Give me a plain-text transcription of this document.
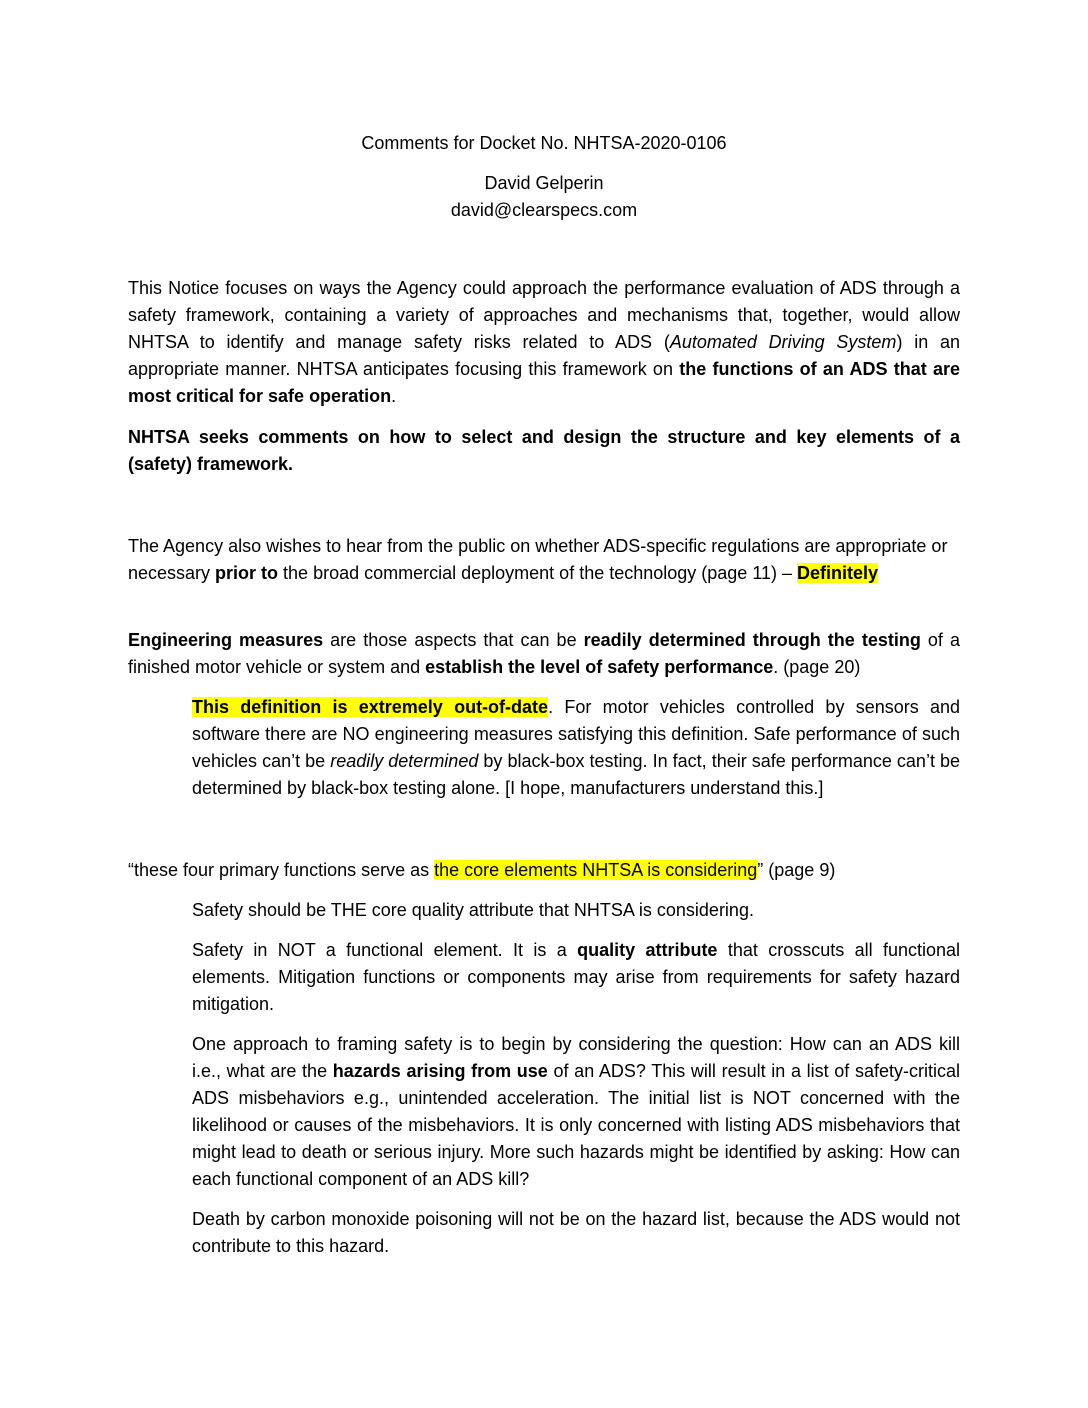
Comments for Docket No. NHTSA-2020-0106

David Gelperin

david@clearspecs.com

This Notice focuses on ways the Agency could approach the performance evaluation of ADS through a safety framework, containing a variety of approaches and mechanisms that, together, would allow NHTSA to identify and manage safety risks related to ADS (Automated Driving System) in an appropriate manner. NHTSA anticipates focusing this framework on the functions of an ADS that are most critical for safe operation.

NHTSA seeks comments on how to select and design the structure and key elements of a (safety) framework.

The Agency also wishes to hear from the public on whether ADS-specific regulations are appropriate or necessary prior to the broad commercial deployment of the technology (page 11) – Definitely

Engineering measures are those aspects that can be readily determined through the testing of a finished motor vehicle or system and establish the level of safety performance. (page 20)

This definition is extremely out-of-date. For motor vehicles controlled by sensors and software there are NO engineering measures satisfying this definition. Safe performance of such vehicles can’t be readily determined by black-box testing. In fact, their safe performance can’t be determined by black-box testing alone. [I hope, manufacturers understand this.]

“these four primary functions serve as the core elements NHTSA is considering” (page 9)

Safety should be THE core quality attribute that NHTSA is considering.

Safety in NOT a functional element. It is a quality attribute that crosscuts all functional elements. Mitigation functions or components may arise from requirements for safety hazard mitigation.

One approach to framing safety is to begin by considering the question: How can an ADS kill i.e., what are the hazards arising from use of an ADS? This will result in a list of safety-critical ADS misbehaviors e.g., unintended acceleration. The initial list is NOT concerned with the likelihood or causes of the misbehaviors. It is only concerned with listing ADS misbehaviors that might lead to death or serious injury. More such hazards might be identified by asking: How can each functional component of an ADS kill?

Death by carbon monoxide poisoning will not be on the hazard list, because the ADS would not contribute to this hazard.
